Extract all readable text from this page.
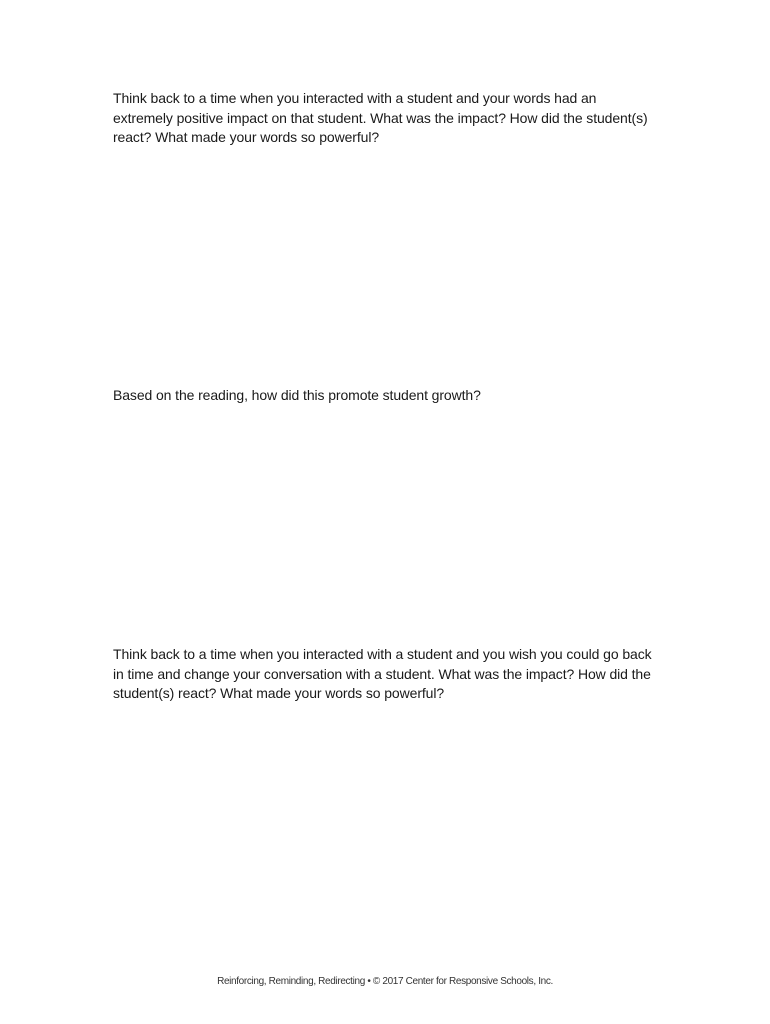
Think back to a time when you interacted with a student and your words had an extremely positive impact on that student. What was the impact? How did the student(s) react? What made your words so powerful?

Based on the reading, how did this promote student growth?

Think back to a time when you interacted with a student and you wish you could go back in time and change your conversation with a student. What was the impact? How did the student(s) react? What made your words so powerful?

Reinforcing, Reminding, Redirecting • © 2017 Center for Responsive Schools, Inc.
